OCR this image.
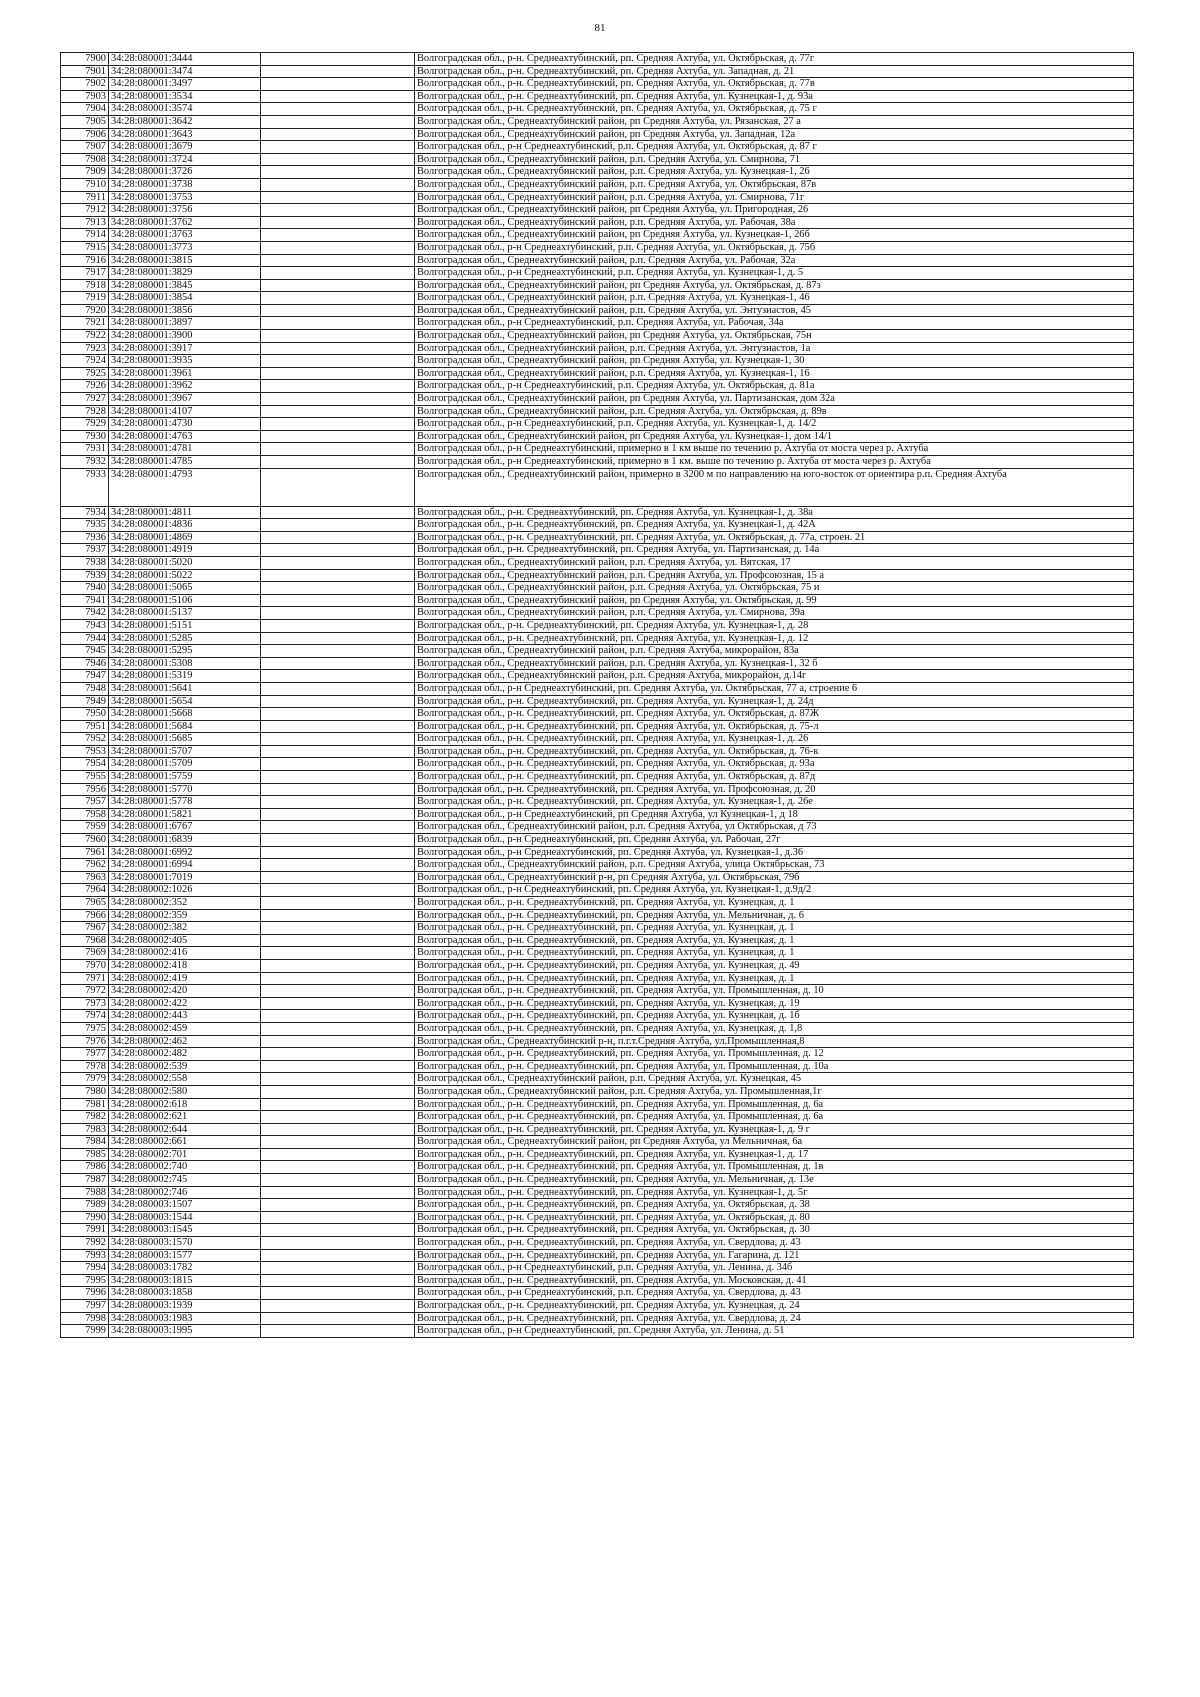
81
7900	34:28:080001:3444		Волгоградская обл., р-н. Среднеахтубинский, рп. Средняя Ахтуба, ул. Октябрьская, д. 77г
7901	34:28:080001:3474		Волгоградская обл., р-н. Среднеахтубинский, рп. Средняя Ахтуба, ул. Западная, д. 21
7902	34:28:080001:3497		Волгоградская обл., р-н. Среднеахтубинский, рп. Средняя Ахтуба, ул. Октябрьская, д. 77в
7903	34:28:080001:3534		Волгоградская обл., р-н. Среднеахтубинский, рп. Средняя Ахтуба, ул. Кузнецкая-1, д. 93а
7904	34:28:080001:3574		Волгоградская обл., р-н. Среднеахтубинский, рп. Средняя Ахтуба, ул. Октябрьская, д. 75 г
7905	34:28:080001:3642		Волгоградская обл., Среднеахтубинский район, рп Средняя Ахтуба, ул. Рязанская, 27 а
7906	34:28:080001:3643		Волгоградская обл., Среднеахтубинский район, рп Средняя Ахтуба, ул. Западная, 12а
7907	34:28:080001:3679		Волгоградская обл., р-н Среднеахтубинский, р.п. Средняя Ахтуба, ул. Октябрьская, д. 87 г
7908	34:28:080001:3724		Волгоградская обл., Среднеахтубинский район, р.п. Средняя Ахтуба, ул. Смирнова, 71
7909	34:28:080001:3726		Волгоградская обл., Среднеахтубинский район, р.п. Средняя Ахтуба, ул. Кузнецкая-1, 26
7910	34:28:080001:3738		Волгоградская обл., Среднеахтубинский район, р.п. Средняя Ахтуба, ул. Октябрьская, 87в
7911	34:28:080001:3753		Волгоградская обл., Среднеахтубинский район, р.п. Средняя Ахтуба, ул. Смирнова, 71г
7912	34:28:080001:3756		Волгоградская обл., Среднеахтубинский район, рп Средняя Ахтуба, ул. Пригородная, 26
7913	34:28:080001:3762		Волгоградская обл., Среднеахтубинский район, р.п. Средняя Ахтуба, ул. Рабочая, 38а
7914	34:28:080001:3763		Волгоградская обл., Среднеахтубинский район, рп Средняя Ахтуба, ул. Кузнецкая-1, 26б
7915	34:28:080001:3773		Волгоградская обл., р-н Среднеахтубинский, р.п. Средняя Ахтуба, ул. Октябрьская, д. 75б
7916	34:28:080001:3815		Волгоградская обл., Среднеахтубинский район, р.п. Средняя Ахтуба, ул. Рабочая, 32а
7917	34:28:080001:3829		Волгоградская обл., р-н Среднеахтубинский, р.п. Средняя Ахтуба, ул. Кузнецкая-1, д. 5
7918	34:28:080001:3845		Волгоградская обл., Среднеахтубинский район, рп Средняя Ахтуба, ул. Октябрьская, д. 87з
7919	34:28:080001:3854		Волгоградская обл., Среднеахтубинский район, р.п. Средняя Ахтуба, ул. Кузнецкая-1, 46
7920	34:28:080001:3856		Волгоградская обл., Среднеахтубинский район, р.п. Средняя Ахтуба, ул. Энтузиастов, 45
7921	34:28:080001:3897		Волгоградская обл., р-н Среднеахтубинский, р.п. Средняя Ахтуба, ул. Рабочая, 34а
7922	34:28:080001:3900		Волгоградская обл., Среднеахтубинский район, рп Средняя Ахтуба, ул. Октябрьская, 75н
7923	34:28:080001:3917		Волгоградская обл., Среднеахтубинский район, р.п. Средняя Ахтуба, ул. Энтузиастов, 1а
7924	34:28:080001:3935		Волгоградская обл., Среднеахтубинский район, рп Средняя Ахтуба, ул. Кузнецкая-1, 30
7925	34:28:080001:3961		Волгоградская обл., Среднеахтубинский район, р.п. Средняя Ахтуба, ул. Кузнецкая-1, 16
7926	34:28:080001:3962		Волгоградская обл., р-н Среднеахтубинский, р.п. Средняя Ахтуба, ул. Октябрьская, д. 81а
7927	34:28:080001:3967		Волгоградская обл., Среднеахтубинский район, рп Средняя Ахтуба, ул. Партизанская, дом 32а
7928	34:28:080001:4107		Волгоградская обл., Среднеахтубинский район, р.п. Средняя Ахтуба, ул. Октябрьская, д. 89в
7929	34:28:080001:4730		Волгоградская обл., р-н Среднеахтубинский, р.п. Средняя Ахтуба, ул. Кузнецкая-1, д. 14/2
7930	34:28:080001:4763		Волгоградская обл., Среднеахтубинский район, рп Средняя Ахтуба, ул. Кузнецкая-1, дом 14/1
7931	34:28:080001:4781		Волгоградская обл., р-н Среднеахтубинский, примерно в 1 км выше по течению р. Ахтуба от моста через р. Ахтуба
7932	34:28:080001:4785		Волгоградская обл., р-н Среднеахтубинский, примерно в 1 км. выше по течению р. Ахтуба от моста через р. Ахтуба
7933	34:28:080001:4793		Волгоградская обл., Среднеахтубинский район, примерно в 3200 м по направлению на юго-восток от ориентира р.п. Средняя Ахтуба
7934	34:28:080001:4811		Волгоградская обл., р-н. Среднеахтубинский, рп. Средняя Ахтуба, ул. Кузнецкая-1, д. 38а
7935	34:28:080001:4836		Волгоградская обл., р-н. Среднеахтубинский, рп. Средняя Ахтуба, ул. Кузнецкая-1, д. 42А
7936	34:28:080001:4869		Волгоградская обл., р-н. Среднеахтубинский, рп. Средняя Ахтуба, ул. Октябрьская, д. 77а, строен. 21
7937	34:28:080001:4919		Волгоградская обл., р-н. Среднеахтубинский, рп. Средняя Ахтуба, ул. Партизанская, д. 14а
7938	34:28:080001:5020		Волгоградская обл., Среднеахтубинский район, р.п. Средняя Ахтуба, ул. Вятская, 17
7939	34:28:080001:5022		Волгоградская обл., Среднеахтубинский район, р.п. Средняя Ахтуба, ул. Профсоюзная, 15 а
7940	34:28:080001:5065		Волгоградская обл., Среднеахтубинский район, р.п. Средняя Ахтуба, ул. Октябрьская, 75 и
7941	34:28:080001:5106		Волгоградская обл., Среднеахтубинский район, рп Средняя Ахтуба, ул. Октябрьская, д. 99
7942	34:28:080001:5137		Волгоградская обл., Среднеахтубинский район, р.п. Средняя Ахтуба, ул. Смирнова, 39а
7943	34:28:080001:5151		Волгоградская обл., р-н. Среднеахтубинский, рп. Средняя Ахтуба, ул. Кузнецкая-1, д. 28
7944	34:28:080001:5285		Волгоградская обл., р-н. Среднеахтубинский, рп. Средняя Ахтуба, ул. Кузнецкая-1, д. 12
7945	34:28:080001:5295		Волгоградская обл., Среднеахтубинский район, р.п. Средняя Ахтуба, микрорайон, 83а
7946	34:28:080001:5308		Волгоградская обл., Среднеахтубинский район, р.п. Средняя Ахтуба, ул. Кузнецкая-1, 32 б
7947	34:28:080001:5319		Волгоградская обл., Среднеахтубинский район, р.п. Средняя Ахтуба, микрорайон, д.14г
7948	34:28:080001:5641		Волгоградская обл., р-н Среднеахтубинский, рп. Средняя Ахтуба, ул. Октябрьская, 77 а, строение 6
7949	34:28:080001:5654		Волгоградская обл., р-н. Среднеахтубинский, рп. Средняя Ахтуба, ул. Кузнецкая-1, д. 24д
7950	34:28:080001:5668		Волгоградская обл., р-н. Среднеахтубинский, рп. Средняя Ахтуба, ул. Октябрьская, д. 87Ж
7951	34:28:080001:5684		Волгоградская обл., р-н. Среднеахтубинский, рп. Средняя Ахтуба, ул. Октябрьская, д. 75-л
7952	34:28:080001:5685		Волгоградская обл., р-н. Среднеахтубинский, рп. Средняя Ахтуба, ул. Кузнецкая-1, д. 26
7953	34:28:080001:5707		Волгоградская обл., р-н. Среднеахтубинский, рп. Средняя Ахтуба, ул. Октябрьская, д. 76-к
7954	34:28:080001:5709		Волгоградская обл., р-н. Среднеахтубинский, рп. Средняя Ахтуба, ул. Октябрьская, д. 93а
7955	34:28:080001:5759		Волгоградская обл., р-н. Среднеахтубинский, рп. Средняя Ахтуба, ул. Октябрьская, д. 87д
7956	34:28:080001:5770		Волгоградская обл., р-н. Среднеахтубинский, рп. Средняя Ахтуба, ул. Профсоюзная, д. 20
7957	34:28:080001:5778		Волгоградская обл., р-н. Среднеахтубинский, рп. Средняя Ахтуба, ул. Кузнецкая-1, д. 26е
7958	34:28:080001:5821		Волгоградская обл., р-н Среднеахтубинский, рп Средняя Ахтуба, ул Кузнецкая-1, д 18
7959	34:28:080001:6767		Волгоградская обл., Среднеахтубинский район, р.п. Средняя Ахтуба, ул Октябрьская, д 73
7960	34:28:080001:6839		Волгоградская обл., р-н Среднеахтубинский, рп. Средняя Ахтуба, ул. Рабочая, 27г
7961	34:28:080001:6992		Волгоградская обл., р-н Среднеахтубинский, рп. Средняя Ахтуба, ул. Кузнецкая-1, д.36
7962	34:28:080001:6994		Волгоградская обл., Среднеахтубинский район, р.п. Средняя Ахтуба, улица Октябрьская, 73
7963	34:28:080001:7019		Волгоградская обл., Среднеахтубинский р-н, рп Средняя Ахтуба, ул. Октябрьская, 79б
7964	34:28:080002:1026		Волгоградская обл., р-н Среднеахтубинский, рп. Средняя Ахтуба, ул. Кузнецкая-1, д.9д/2
7965	34:28:080002:352		Волгоградская обл., р-н. Среднеахтубинский, рп. Средняя Ахтуба, ул. Кузнецкая, д. 1
7966	34:28:080002:359		Волгоградская обл., р-н. Среднеахтубинский, рп. Средняя Ахтуба, ул. Мельничная, д. 6
7967	34:28:080002:382		Волгоградская обл., р-н. Среднеахтубинский, рп. Средняя Ахтуба, ул. Кузнецкая, д. 1
7968	34:28:080002:405		Волгоградская обл., р-н. Среднеахтубинский, рп. Средняя Ахтуба, ул. Кузнецкая, д. 1
7969	34:28:080002:416		Волгоградская обл., р-н. Среднеахтубинский, рп. Средняя Ахтуба, ул. Кузнецкая, д. 1
7970	34:28:080002:418		Волгоградская обл., р-н. Среднеахтубинский, рп. Средняя Ахтуба, ул. Кузнецкая, д. 49
7971	34:28:080002:419		Волгоградская обл., р-н. Среднеахтубинский, рп. Средняя Ахтуба, ул. Кузнецкая, д. 1
7972	34:28:080002:420		Волгоградская обл., р-н. Среднеахтубинский, рп. Средняя Ахтуба, ул. Промышленная, д. 10
7973	34:28:080002:422		Волгоградская обл., р-н. Среднеахтубинский, рп. Средняя Ахтуба, ул. Кузнецкая, д. 19
7974	34:28:080002:443		Волгоградская обл., р-н. Среднеахтубинский, рп. Средняя Ахтуба, ул. Кузнецкая, д. 1б
7975	34:28:080002:459		Волгоградская обл., р-н. Среднеахтубинский, рп. Средняя Ахтуба, ул. Кузнецкая, д. 1,8
7976	34:28:080002:462		Волгоградская обл., Среднеахтубинский р-н, п.г.т.Средняя Ахтуба, ул.Промышленная,8
7977	34:28:080002:482		Волгоградская обл., р-н. Среднеахтубинский, рп. Средняя Ахтуба, ул. Промышленная, д. 12
7978	34:28:080002:539		Волгоградская обл., р-н. Среднеахтубинский, рп. Средняя Ахтуба, ул. Промышленная, д. 10а
7979	34:28:080002:558		Волгоградская обл., Среднеахтубинский район, р.п. Средняя Ахтуба, ул. Кузнецкая, 45
7980	34:28:080002:580		Волгоградская обл., Среднеахтубинский район, р.п. Средняя Ахтуба, ул. Промышленная,1г
7981	34:28:080002:618		Волгоградская обл., р-н. Среднеахтубинский, рп. Средняя Ахтуба, ул. Промышленная, д. 6а
7982	34:28:080002:621		Волгоградская обл., р-н. Среднеахтубинский, рп. Средняя Ахтуба, ул. Промышленная, д. 6а
7983	34:28:080002:644		Волгоградская обл., р-н. Среднеахтубинский, рп. Средняя Ахтуба, ул. Кузнецкая-1, д. 9 г
7984	34:28:080002:661		Волгоградская обл., Среднеахтубинский район, рп Средняя Ахтуба, ул Мельничная, 6а
7985	34:28:080002:701		Волгоградская обл., р-н. Среднеахтубинский, рп. Средняя Ахтуба, ул. Кузнецкая-1, д. 17
7986	34:28:080002:740		Волгоградская обл., р-н. Среднеахтубинский, рп. Средняя Ахтуба, ул. Промышленная, д. 1в
7987	34:28:080002:745		Волгоградская обл., р-н. Среднеахтубинский, рп. Средняя Ахтуба, ул. Мельничная, д. 13е
7988	34:28:080002:746		Волгоградская обл., р-н. Среднеахтубинский, рп. Средняя Ахтуба, ул. Кузнецкая-1, д. 5г
7989	34:28:080003:1507		Волгоградская обл., р-н. Среднеахтубинский, рп. Средняя Ахтуба, ул. Октябрьская, д. 38
7990	34:28:080003:1544		Волгоградская обл., р-н. Среднеахтубинский, рп. Средняя Ахтуба, ул. Октябрьская, д. 80
7991	34:28:080003:1545		Волгоградская обл., р-н. Среднеахтубинский, рп. Средняя Ахтуба, ул. Октябрьская, д. 30
7992	34:28:080003:1570		Волгоградская обл., р-н. Среднеахтубинский, рп. Средняя Ахтуба, ул. Свердлова, д. 43
7993	34:28:080003:1577		Волгоградская обл., р-н. Среднеахтубинский, рп. Средняя Ахтуба, ул. Гагарина, д. 121
7994	34:28:080003:1782		Волгоградская обл., р-н Среднеахтубинский, р.п. Средняя Ахтуба, ул. Ленина, д. 34б
7995	34:28:080003:1815		Волгоградская обл., р-н. Среднеахтубинский, рп. Средняя Ахтуба, ул. Московская, д. 41
7996	34:28:080003:1858		Волгоградская обл., р-н Среднеахтубинский, р.п. Средняя Ахтуба, ул. Свердлова, д. 43
7997	34:28:080003:1939		Волгоградская обл., р-н. Среднеахтубинский, рп. Средняя Ахтуба, ул. Кузнецкая, д. 24
7998	34:28:080003:1983		Волгоградская обл., р-н. Среднеахтубинский, рп. Средняя Ахтуба, ул. Свердлова, д. 24
7999	34:28:080003:1995		Волгоградская обл., р-н Среднеахтубинский, рп. Средняя Ахтуба, ул. Ленина, д. 51
